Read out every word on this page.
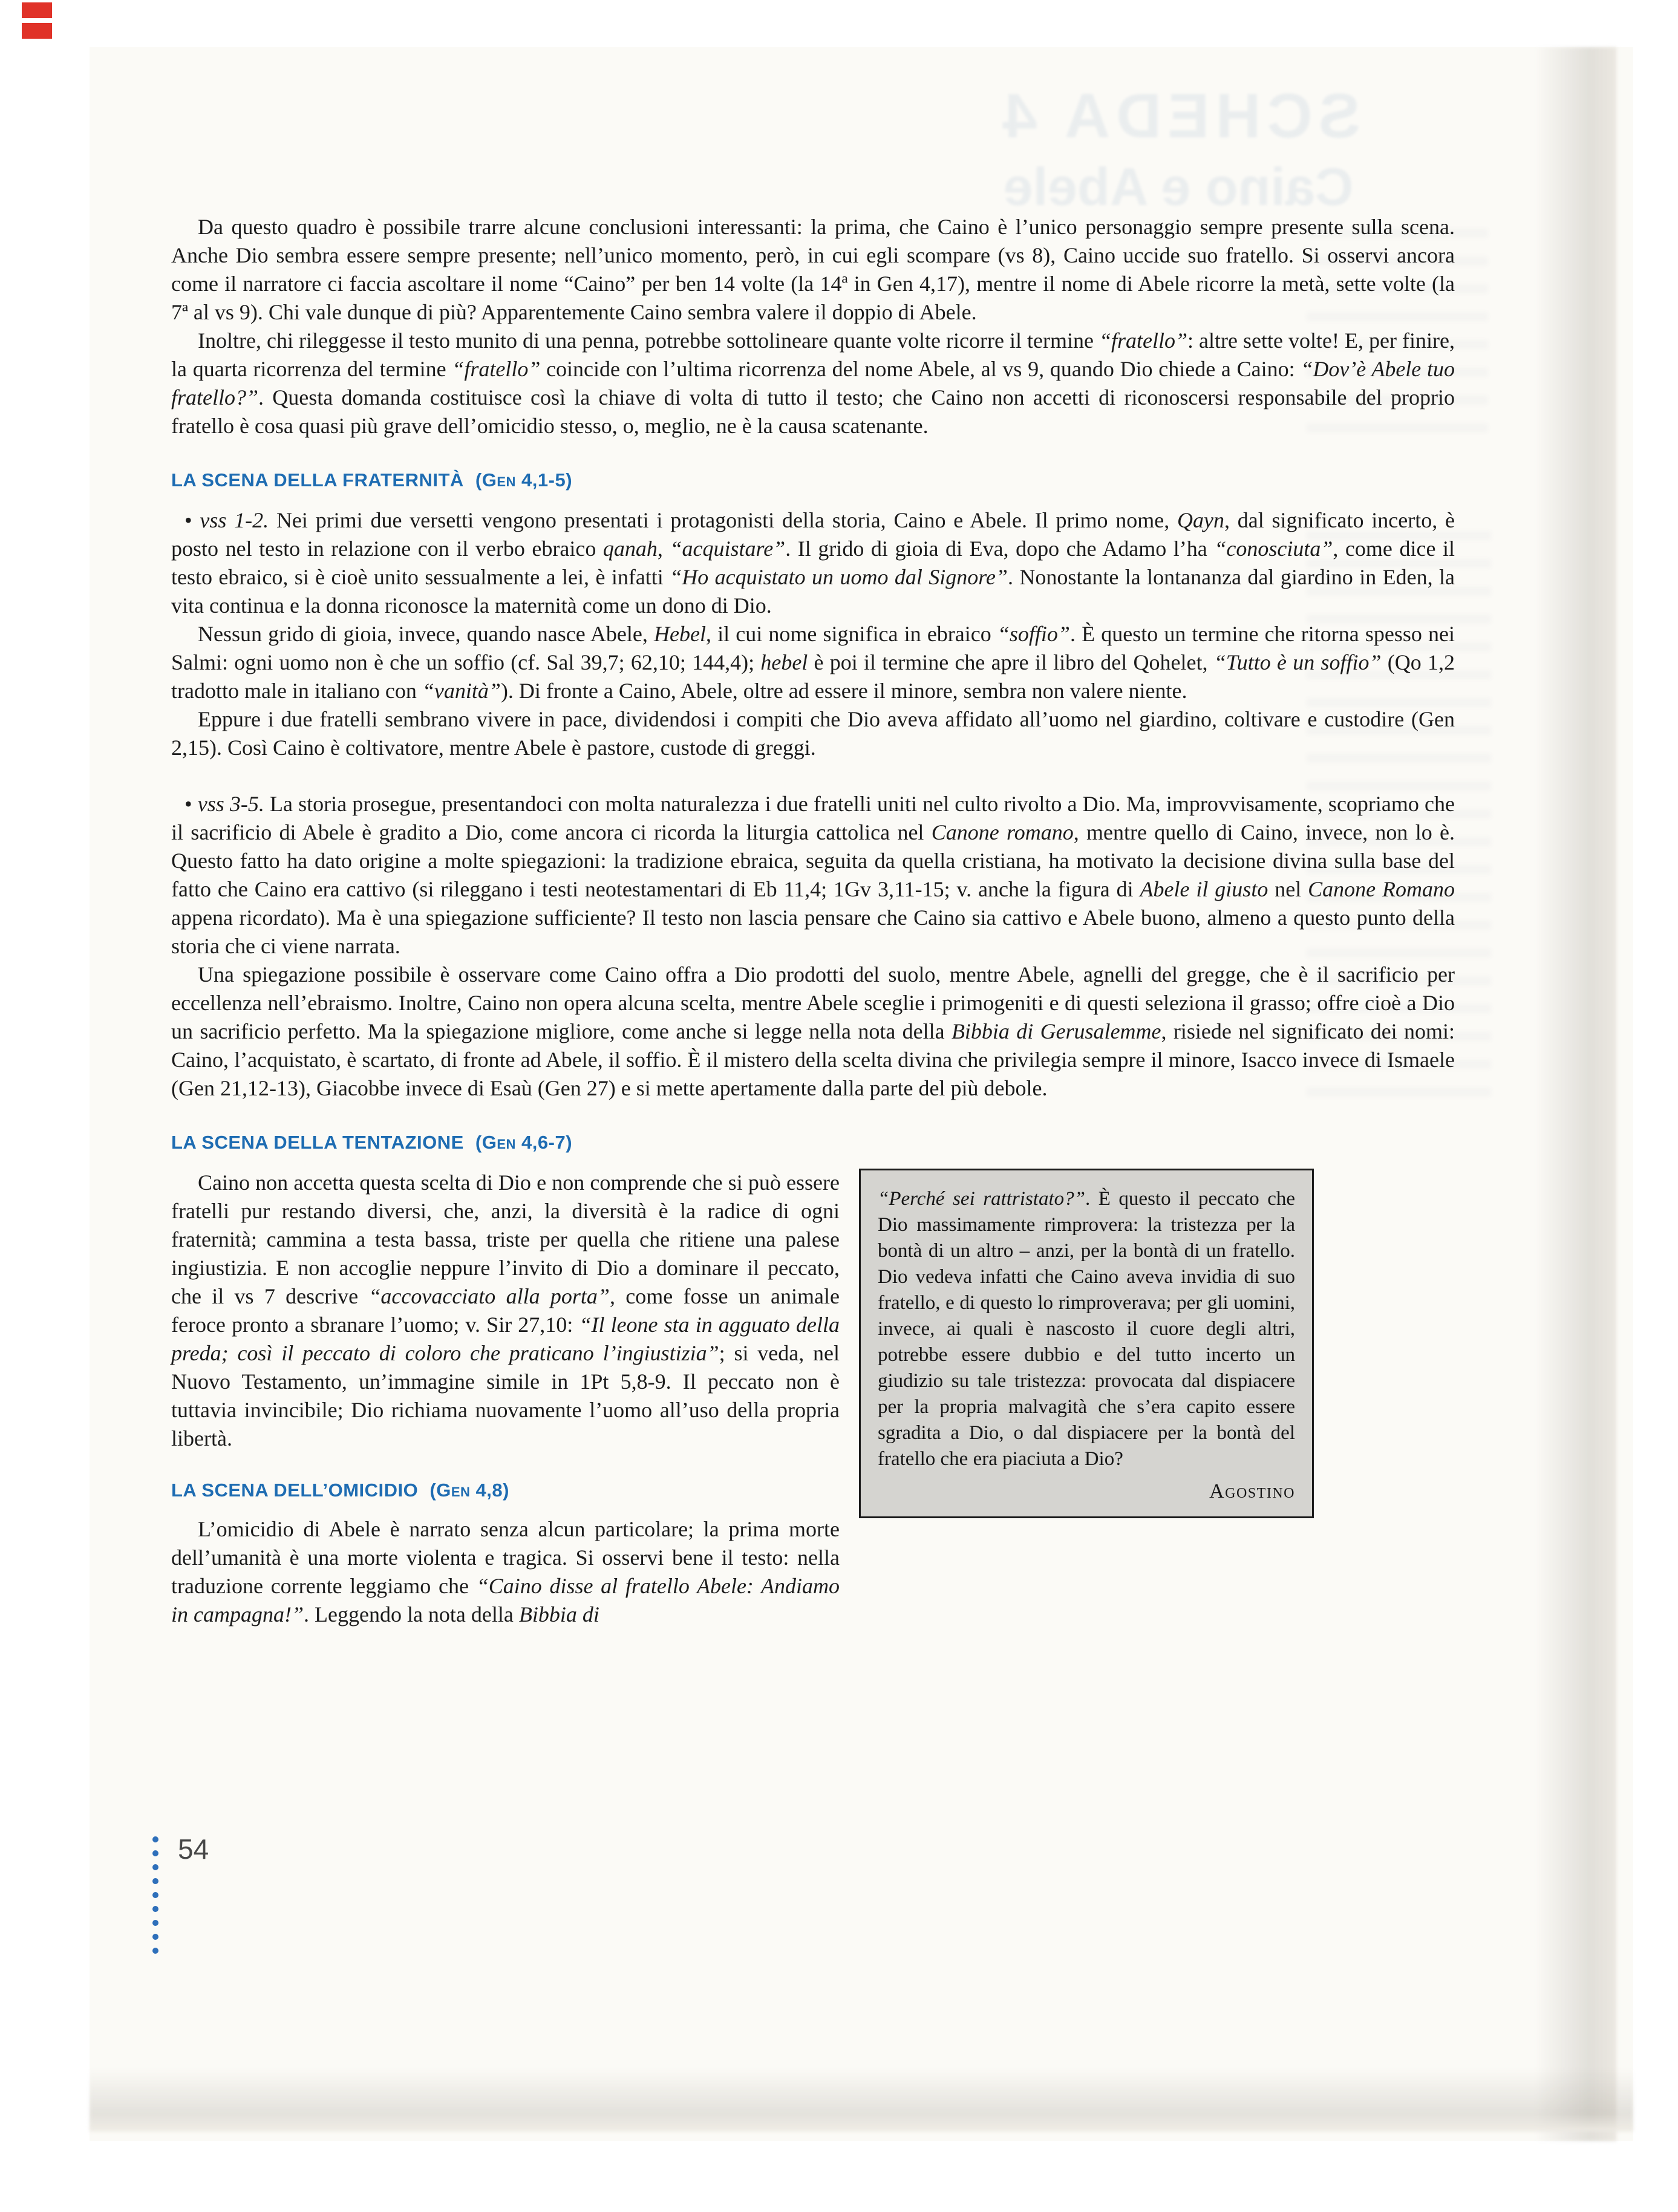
SCHEDA 4
Caino e Abele

Da questo quadro è possibile trarre alcune conclusioni interessanti: la prima, che Caino è l’unico personaggio sempre presente sulla scena. Anche Dio sembra essere sempre presente; nell’unico momento, però, in cui egli scompare (vs 8), Caino uccide suo fratello. Si osservi ancora come il narratore ci faccia ascoltare il nome “Caino” per ben 14 volte (la 14ª in Gen 4,17), mentre il nome di Abele ricorre la metà, sette volte (la 7ª al vs 9). Chi vale dunque di più? Apparentemente Caino sembra valere il doppio di Abele.

Inoltre, chi rileggesse il testo munito di una penna, potrebbe sottolineare quante volte ricorre il termine “fratello”: altre sette volte! E, per finire, la quarta ricorrenza del termine “fratello” coincide con l’ultima ricorrenza del nome Abele, al vs 9, quando Dio chiede a Caino: “Dov’è Abele tuo fratello?”. Questa domanda costituisce così la chiave di volta di tutto il testo; che Caino non accetti di riconoscersi responsabile del proprio fratello è cosa quasi più grave dell’omicidio stesso, o, meglio, ne è la causa scatenante.

LA SCENA DELLA FRATERNITÀ (Gen 4,1-5)

• vss 1-2. Nei primi due versetti vengono presentati i protagonisti della storia, Caino e Abele. Il primo nome, Qayn, dal significato incerto, è posto nel testo in relazione con il verbo ebraico qanah, “acquistare”. Il grido di gioia di Eva, dopo che Adamo l’ha “conosciuta”, come dice il testo ebraico, si è cioè unito sessualmente a lei, è infatti “Ho acquistato un uomo dal Signore”. Nonostante la lontananza dal giardino in Eden, la vita continua e la donna riconosce la maternità come un dono di Dio.

Nessun grido di gioia, invece, quando nasce Abele, Hebel, il cui nome significa in ebraico “soffio”. È questo un termine che ritorna spesso nei Salmi: ogni uomo non è che un soffio (cf. Sal 39,7; 62,10; 144,4); hebel è poi il termine che apre il libro del Qohelet, “Tutto è un soffio” (Qo 1,2 tradotto male in italiano con “vanità”). Di fronte a Caino, Abele, oltre ad essere il minore, sembra non valere niente.

Eppure i due fratelli sembrano vivere in pace, dividendosi i compiti che Dio aveva affidato all’uomo nel giardino, coltivare e custodire (Gen 2,15). Così Caino è coltivatore, mentre Abele è pastore, custode di greggi.

• vss 3-5. La storia prosegue, presentandoci con molta naturalezza i due fratelli uniti nel culto rivolto a Dio. Ma, improvvisamente, scopriamo che il sacrificio di Abele è gradito a Dio, come ancora ci ricorda la liturgia cattolica nel Canone romano, mentre quello di Caino, invece, non lo è. Questo fatto ha dato origine a molte spiegazioni: la tradizione ebraica, seguita da quella cristiana, ha motivato la decisione divina sulla base del fatto che Caino era cattivo (si rileggano i testi neotestamentari di Eb 11,4; 1Gv 3,11-15; v. anche la figura di Abele il giusto nel Canone Romano appena ricordato). Ma è una spiegazione sufficiente? Il testo non lascia pensare che Caino sia cattivo e Abele buono, almeno a questo punto della storia che ci viene narrata.

Una spiegazione possibile è osservare come Caino offra a Dio prodotti del suolo, mentre Abele, agnelli del gregge, che è il sacrificio per eccellenza nell’ebraismo. Inoltre, Caino non opera alcuna scelta, mentre Abele sceglie i primogeniti e di questi seleziona il grasso; offre cioè a Dio un sacrificio perfetto. Ma la spiegazione migliore, come anche si legge nella nota della Bibbia di Gerusalemme, risiede nel significato dei nomi: Caino, l’acquistato, è scartato, di fronte ad Abele, il soffio. È il mistero della scelta divina che privilegia sempre il minore, Isacco invece di Ismaele (Gen 21,12-13), Giacobbe invece di Esaù (Gen 27) e si mette apertamente dalla parte del più debole.

LA SCENA DELLA TENTAZIONE (Gen 4,6-7)

Caino non accetta questa scelta di Dio e non comprende che si può essere fratelli pur restando diversi, che, anzi, la diversità è la radice di ogni fraternità; cammina a testa bassa, triste per quella che ritiene una palese ingiustizia. E non accoglie neppure l’invito di Dio a dominare il peccato, che il vs 7 descrive “accovacciato alla porta”, come fosse un animale feroce pronto a sbranare l’uomo; v. Sir 27,10: “Il leone sta in agguato della preda; così il peccato di coloro che praticano l’ingiustizia”; si veda, nel Nuovo Testamento, un’immagine simile in 1Pt 5,8-9. Il peccato non è tuttavia invincibile; Dio richiama nuovamente l’uomo all’uso della propria libertà.

LA SCENA DELL’OMICIDIO (Gen 4,8)

L’omicidio di Abele è narrato senza alcun particolare; la prima morte dell’umanità è una morte violenta e tragica. Si osservi bene il testo: nella traduzione corrente leggiamo che “Caino disse al fratello Abele: Andiamo in campagna!”. Leggendo la nota della Bibbia di

“Perché sei rattristato?”. È questo il peccato che Dio massimamente rimprovera: la tristezza per la bontà di un altro – anzi, per la bontà di un fratello. Dio vedeva infatti che Caino aveva invidia di suo fratello, e di questo lo rimproverava; per gli uomini, invece, ai quali è nascosto il cuore degli altri, potrebbe essere dubbio e del tutto incerto un giudizio su tale tristezza: provocata dal dispiacere per la propria malvagità che s’era capito essere sgradita a Dio, o dal dispiacere per la bontà del fratello che era piaciuta a Dio?

Agostino
54
